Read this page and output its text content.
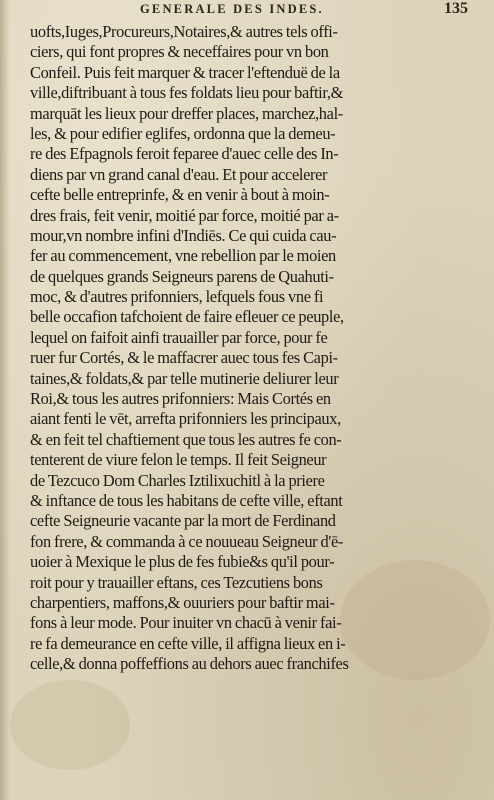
GENERALE DES INDES.	135
uofts,Iuges,Procureurs,Notaires,& autres tels offi-
ciers, qui font propres & neceffaires pour vn bon
Confeil. Puis feit marquer & tracer l'eftenduë de la
ville,diftribuant à tous fes foldats lieu pour baftir,&
marquāt les lieux pour dreffer places, marchez,hal-
les, & pour edifier eglifes, ordonna que la demeu-
re des Efpagnols feroit feparee d'auec celle des In-
diens par vn grand canal d'eau. Et pour accelerer
cefte belle entreprinfe, & en venir à bout à moin-
dres frais, feit venir, moitié par force, moitié par a-
mour,vn nombre infini d'Indiēs. Ce qui cuida cau-
fer au commencement, vne rebellion par le moien
de quelques grands Seigneurs parens de Quahuti-
moc, & d'autres prifonniers, lefquels fous vne fi
belle occafion tafchoient de faire efleuer ce peuple,
lequel on faifoit ainfi trauailler par force, pour fe
ruer fur Cortés, & le maffacrer auec tous fes Capi-
taines,& foldats,& par telle mutinerie deliurer leur
Roi,& tous les autres prifonniers: Mais Cortés en
aiant fenti le vēt, arrefta prifonniers les principaux,
& en feit tel chaftiement que tous les autres fe con-
tenterent de viure felon le temps. Il feit Seigneur
de Tezcuco Dom Charles Iztilixuchitl à la priere
& inftance de tous les habitans de cefte ville, eftant
cefte Seigneurie vacante par la mort de Ferdinand
fon frere, & commanda à ce nouueau Seigneur d'ē-
uoier à Mexique le plus de fes fubie&s qu'il pour-
roit pour y trauailler eftans, ces Tezcutiens bons
charpentiers, maffons,& ouuriers pour baftir mai-
fons à leur mode. Pour inuiter vn chacū à venir fai-
re fa demeurance en cefte ville, il affigna lieux en i-
celle,& donna poffeffions au dehors auec franchifes
